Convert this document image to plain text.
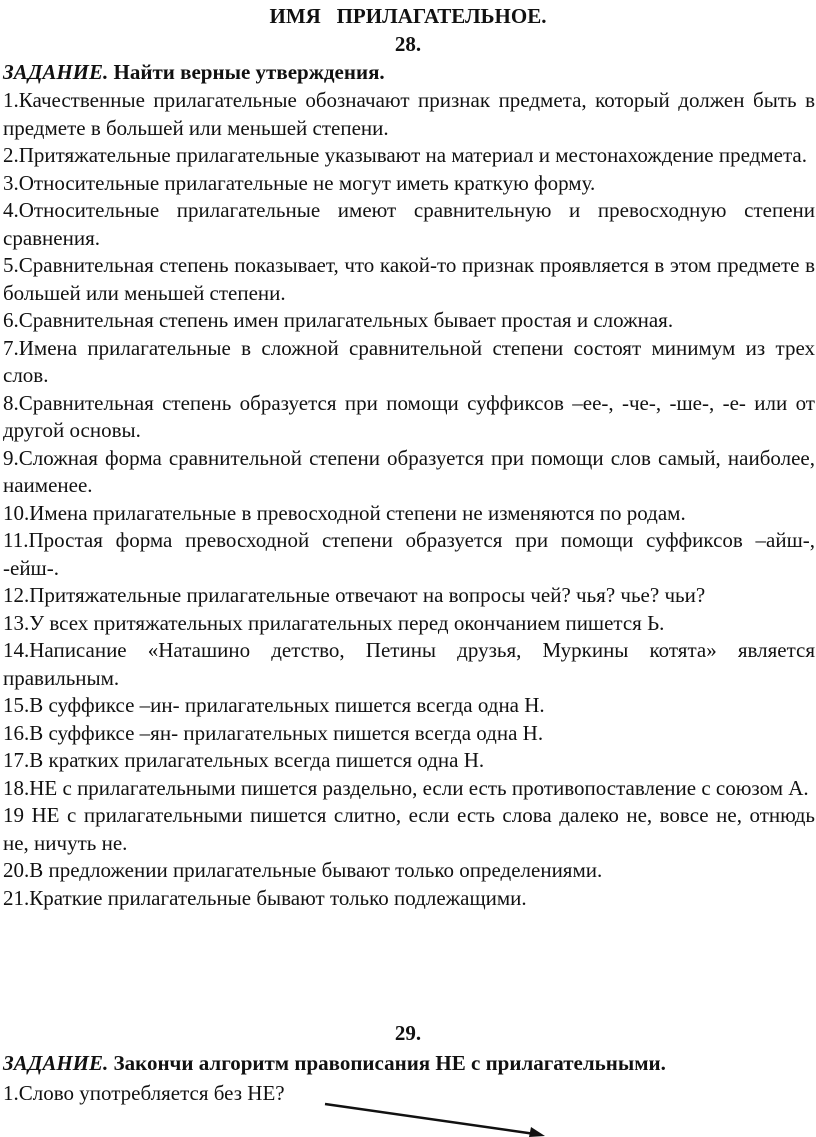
ИМЯ   ПРИЛАГАТЕЛЬНОЕ.
28.
ЗАДАНИЕ. Найти верные утверждения.

1.Качественные прилагательные обозначают признак предмета, который должен быть в предмете в большей или меньшей степени.

2.Притяжательные прилагательные указывают на материал и местонахождение предмета.

3.Относительные прилагательные не могут иметь краткую форму.

4.Относительные прилагательные имеют сравнительную и превосходную степени сравнения.

5.Сравнительная степень показывает, что какой-то признак проявляется в этом предмете в большей или меньшей степени.

6.Сравнительная степень имен прилагательных бывает простая и сложная.

7.Имена прилагательные в сложной сравнительной степени состоят минимум из трех слов.

8.Сравнительная степень образуется при помощи суффиксов –ее-, -че-, -ше-, -е- или от другой основы.

9.Сложная форма сравнительной степени образуется при помощи слов самый, наиболее, наименее.

10.Имена прилагательные в превосходной степени не изменяются по родам.

11.Простая форма превосходной степени образуется при помощи суффиксов –айш-, -ейш-.

12.Притяжательные прилагательные отвечают на вопросы чей? чья? чье? чьи?

13.У всех притяжательных прилагательных перед окончанием пишется Ь.

14.Написание «Наташино детство, Петины друзья, Муркины котята» является правильным.

15.В суффиксе –ин- прилагательных пишется всегда одна Н.

16.В суффиксе –ян- прилагательных пишется всегда одна Н.

17.В кратких прилагательных всегда пишется одна Н.

18.НЕ с прилагательными пишется раздельно, если есть противопоставление с союзом А.

19 НЕ с прилагательными пишется слитно, если есть слова далеко не, вовсе не, отнюдь не, ничуть не.

20.В предложении прилагательные бывают только определениями.

21.Краткие прилагательные бывают только подлежащими.

29.
ЗАДАНИЕ. Закончи алгоритм правописания НЕ с прилагательными.
1.Слово употребляется без НЕ?
